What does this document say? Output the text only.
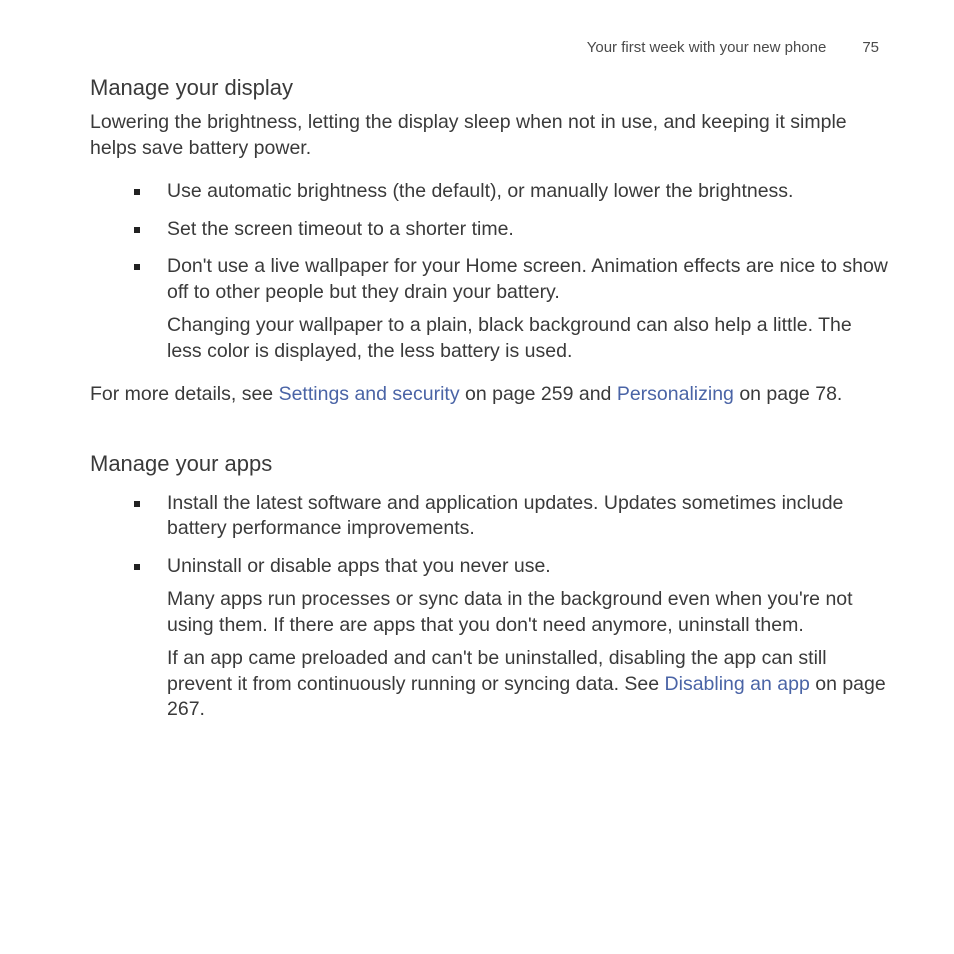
Your first week with your new phone 75
Manage your display

Lowering the brightness, letting the display sleep when not in use, and keeping it simple helps save battery power.

Use automatic brightness (the default), or manually lower the brightness.
Set the screen timeout to a shorter time.
Don't use a live wallpaper for your Home screen. Animation effects are nice to show off to other people but they drain your battery.

Changing your wallpaper to a plain, black background can also help a little. The less color is displayed, the less battery is used.

For more details, see Settings and security on page 259 and Personalizing on page 78.

Manage your apps
Install the latest software and application updates. Updates sometimes include battery performance improvements.
Uninstall or disable apps that you never use.

Many apps run processes or sync data in the background even when you're not using them. If there are apps that you don't need anymore, uninstall them.

If an app came preloaded and can't be uninstalled, disabling the app can still prevent it from continuously running or syncing data. See Disabling an app on page 267.
